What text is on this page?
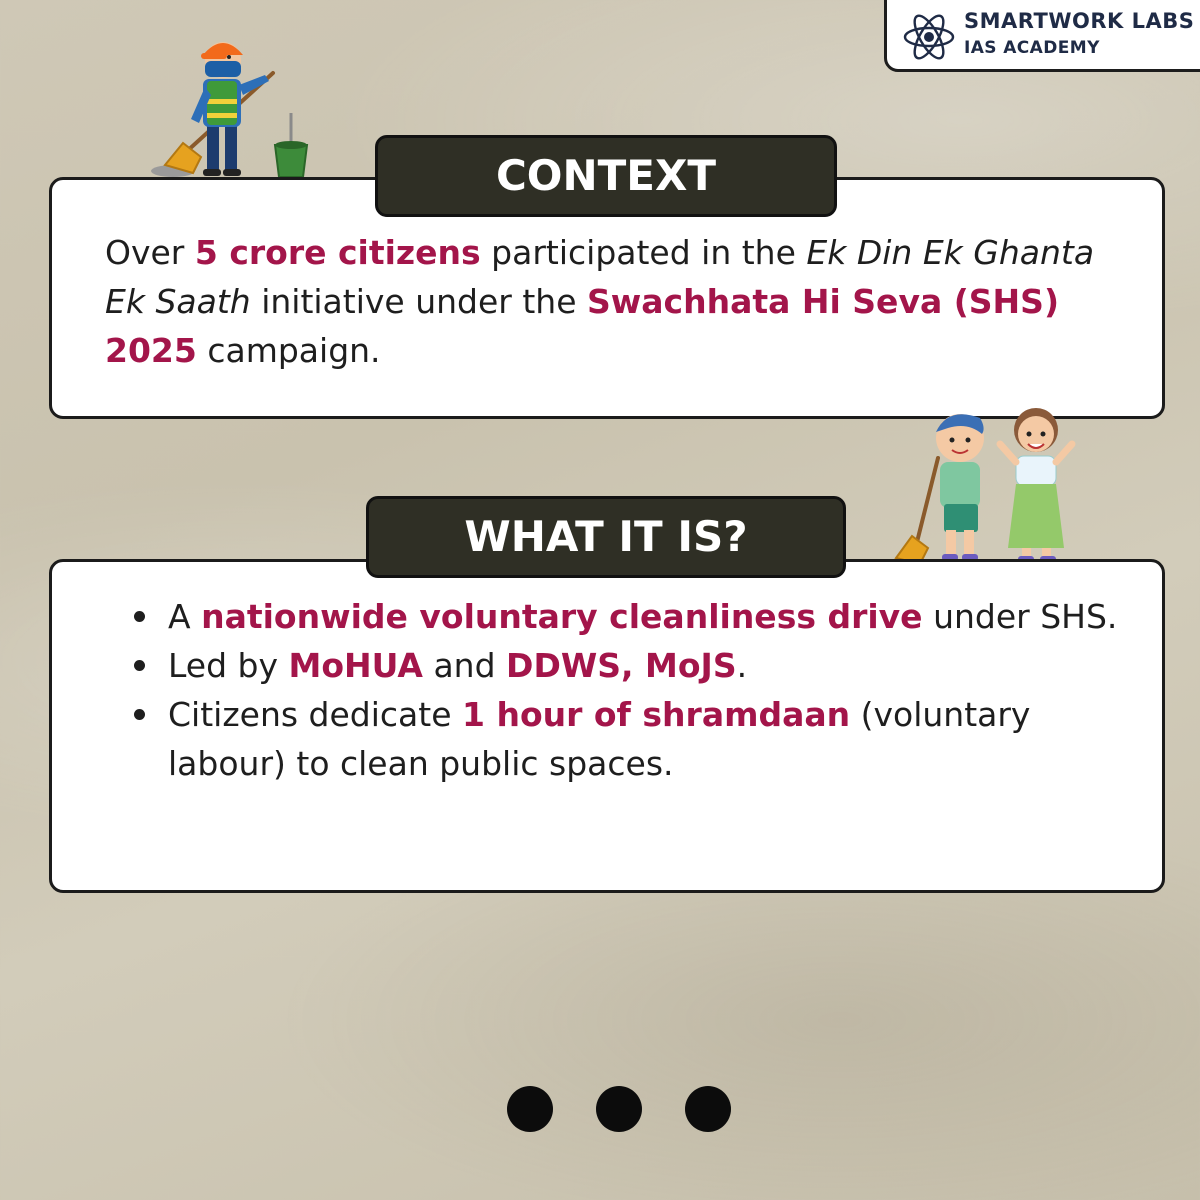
SMARTWORK LABS
IAS ACADEMY
Over 5 crore citizens participated in the Ek Din Ek Ghanta Ek Saath initiative under the Swachhata Hi Seva (SHS) 2025 campaign.
CONTEXT
A nationwide voluntary cleanliness drive under SHS.
Led by MoHUA and DDWS, MoJS.
Citizens dedicate 1 hour of shramdaan (voluntary labour) to clean public spaces.
WHAT IT IS?
